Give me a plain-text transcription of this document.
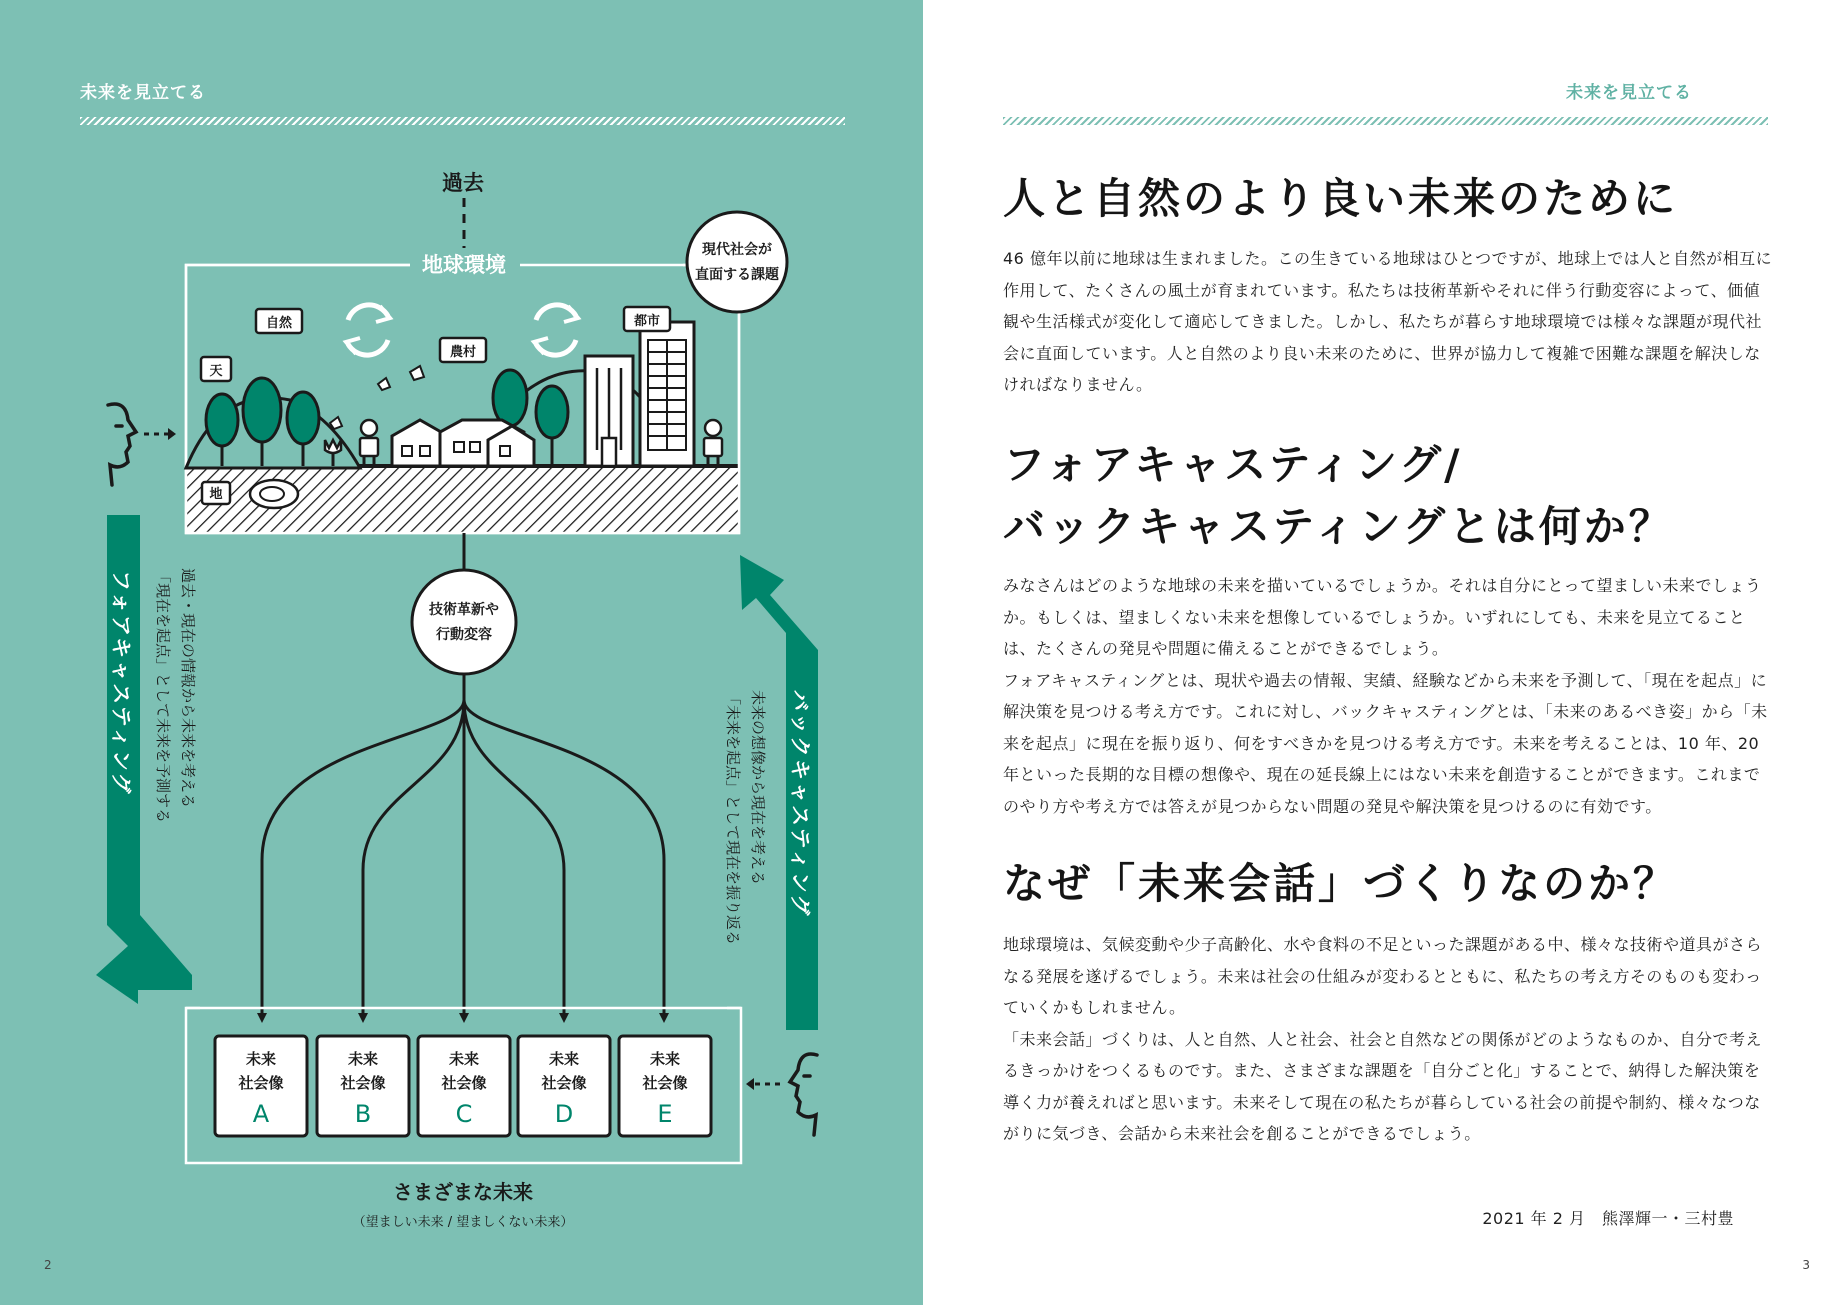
未来を見立てる
過去
地球環境
現代社会が
直面する課題
自然
天
農村
都市
地
技術革新や
行動変容
未来
社会像
A
未来
社会像
B
未来
社会像
C
未来
社会像
D
未来
社会像
E
さまざまな未来
（望ましい未来 / 望ましくない未来）
フォアキャスティング	過去・現在の情報から未来を考える
「現在を起点」として未来を予測する	バックキャスティング
未来の想像から現在を考える
「未来を起点」として現在を振り返る
2
未来を見立てる
人と自然のより良い未来のために

46 億年以前に地球は生まれました。この生きている地球はひとつですが、地球上では人と自然が相互に作用して、たくさんの風土が育まれています。私たちは技術革新やそれに伴う行動変容によって、価値観や生活様式が変化して適応してきました。しかし、私たちが暮らす地球環境では様々な課題が現代社会に直面しています。人と自然のより良い未来のために、世界が協力して複雑で困難な課題を解決しなければなりません。

フォアキャスティング/
バックキャスティングとは何か？

みなさんはどのような地球の未来を描いているでしょうか。それは自分にとって望ましい未来でしょうか。もしくは、望ましくない未来を想像しているでしょうか。いずれにしても、未来を見立てることは、たくさんの発見や問題に備えることができるでしょう。

フォアキャスティングとは、現状や過去の情報、実績、経験などから未来を予測して、「現在を起点」に解決策を見つける考え方です。これに対し、バックキャスティングとは、「未来のあるべき姿」から「未来を起点」に現在を振り返り、何をすべきかを見つける考え方です。未来を考えることは、10 年、20 年といった長期的な目標の想像や、現在の延長線上にはない未来を創造することができます。これまでのやり方や考え方では答えが見つからない問題の発見や解決策を見つけるのに有効です。

なぜ「未来会話」づくりなのか？

地球環境は、気候変動や少子高齢化、水や食料の不足といった課題がある中、様々な技術や道具がさらなる発展を遂げるでしょう。未来は社会の仕組みが変わるとともに、私たちの考え方そのものも変わっていくかもしれません。

「未来会話」づくりは、人と自然、人と社会、社会と自然などの関係がどのようなものか、自分で考えるきっかけをつくるものです。また、さまざまな課題を「自分ごと化」することで、納得した解決策を導く力が養えればと思います。未来そして現在の私たちが暮らしている社会の前提や制約、様々なつながりに気づき、会話から未来社会を創ることができるでしょう。

2021 年 2 月　熊澤輝一・三村豊
3
